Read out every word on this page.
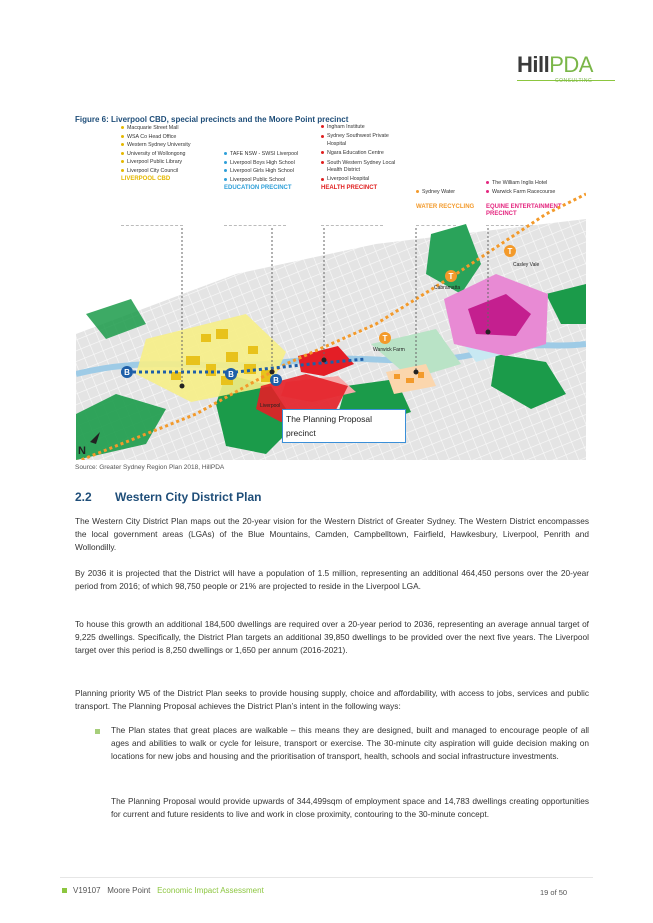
HillPDA
CONSULTING
Figure 6: Liverpool CBD, special precincts and the Moore Point precinct
Macquarie Street Mall
WSA Co Head Office
Western Sydney University
University of Wollongong
Liverpool Public Library
Liverpool City Council
LIVERPOOL CBD
TAFE NSW - SWSI Liverpool
Liverpool Boys High School
Liverpool Girls High School
Liverpool Public School
EDUCATION PRECINCT
Ingham Institute
Sydney Southwest Private Hospital
Ngara Education Centre
South Western Sydney Local Health District
Liverpool Hospital
HEALTH PRECINCT
Sydney Water
WATER RECYCLING
The William Inglis Hotel
Warwick Farm Racecourse
EQUINE ENTERTAINMENT PRECINCT
T
T
T
B	B
B
Casley Vale
Cabramatta
Warwick Farm
Liverpool
N
The Planning Proposal
precinct
Source: Greater Sydney Region Plan 2018, HillPDA
2.2 Western City District Plan
The Western City District Plan maps out the 20-year vision for the Western District of Greater Sydney. The Western District encompasses the local government areas (LGAs) of the Blue Mountains, Camden, Campbelltown, Fairfield, Hawkesbury, Liverpool, Penrith and Wollondilly.
By 2036 it is projected that the District will have a population of 1.5 million, representing an additional 464,450 persons over the 20-year period from 2016; of which 98,750 people or 21% are projected to reside in the Liverpool LGA.
To house this growth an additional 184,500 dwellings are required over a 20-year period to 2036, representing an average annual target of 9,225 dwellings. Specifically, the District Plan targets an additional 39,850 dwellings to be provided over the next five years. The Liverpool target over this period is 8,250 dwellings or 1,650 per annum (2016-2021).
Planning priority W5 of the District Plan seeks to provide housing supply, choice and affordability, with access to jobs, services and public transport. The Planning Proposal achieves the District Plan’s intent in the following ways:
The Plan states that great places are walkable – this means they are designed, built and managed to encourage people of all ages and abilities to walk or cycle for leisure, transport or exercise. The 30-minute city aspiration will guide decision making on locations for new jobs and housing and the prioritisation of transport, health, schools and social infrastructure investments.
The Planning Proposal would provide upwards of 344,499sqm of employment space and 14,783 dwellings creating opportunities for current and future residents to live and work in close proximity, contouring to the 30-minute concept.
V19107 Moore Point Economic Impact Assessment	19 of 50
